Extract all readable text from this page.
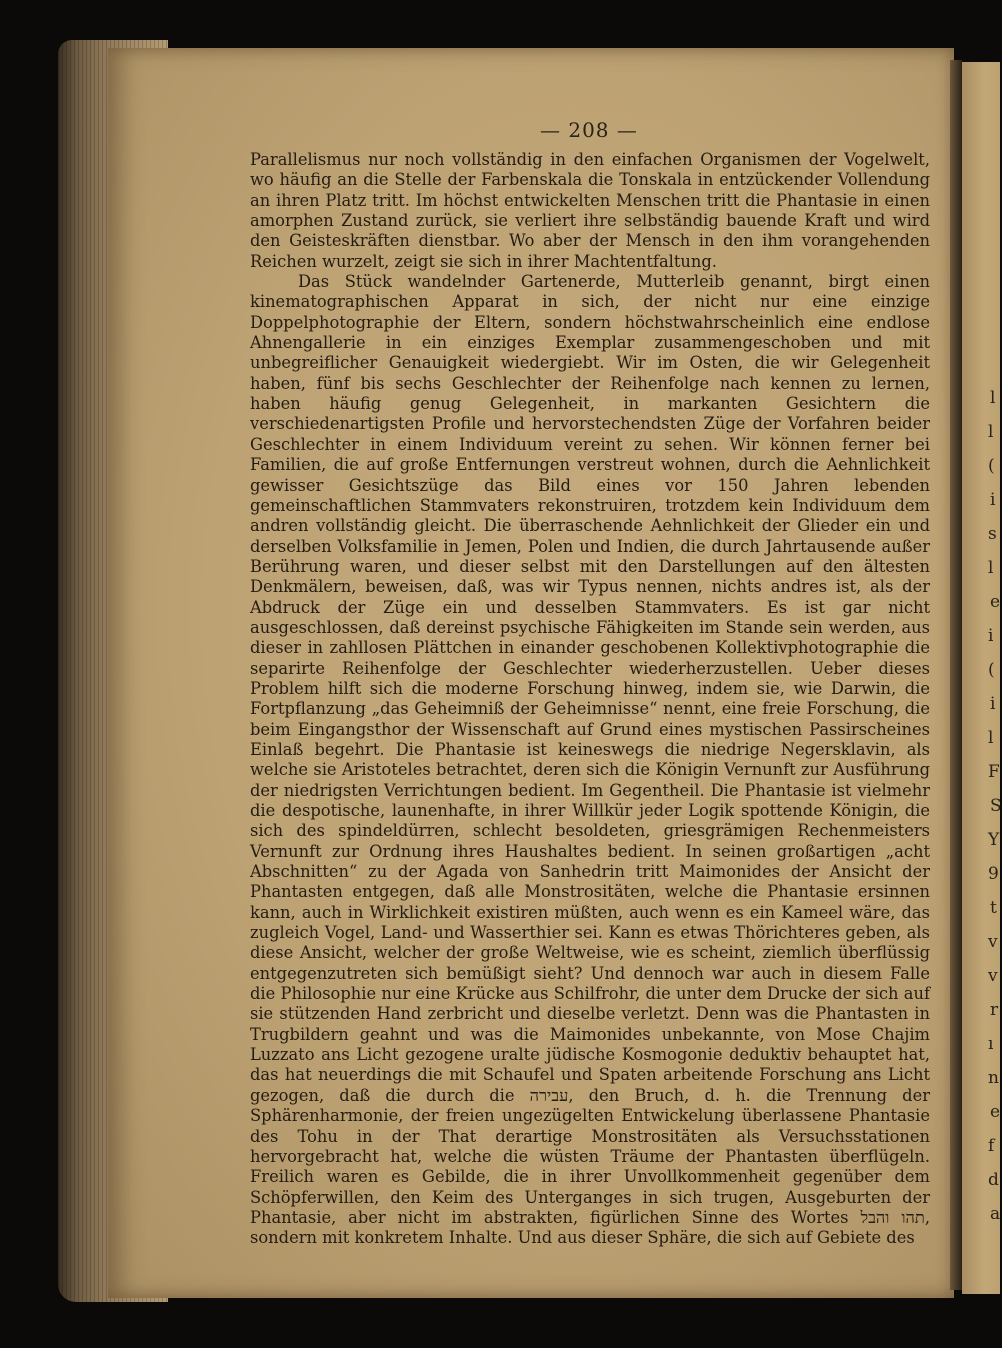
l
l
(
i
s
l
e
i
(
i
l
F
S
Y
9
t
v
v
r
ı
n
e
f
d
a
— 208 —

Parallelismus nur noch vollständig in den einfachen Organismen der Vogelwelt, wo häufig an die Stelle der Farbenskala die Tonskala in entzückender Vollendung an ihren Platz tritt. Im höchst entwickelten Menschen tritt die Phantasie in einen amorphen Zustand zurück, sie verliert ihre selbständig bauende Kraft und wird den Geisteskräften dienstbar. Wo aber der Mensch in den ihm vorangehenden Reichen wurzelt, zeigt sie sich in ihrer Machtentfaltung.

Das Stück wandelnder Gartenerde, Mutterleib genannt, birgt einen kinematographischen Apparat in sich, der nicht nur eine einzige Doppelphotographie der Eltern, sondern höchstwahrscheinlich eine endlose Ahnengallerie in ein einziges Exemplar zusammengeschoben und mit unbegreiflicher Genauigkeit wiedergiebt. Wir im Osten, die wir Gelegenheit haben, fünf bis sechs Geschlechter der Reihenfolge nach kennen zu lernen, haben häufig genug Gelegenheit, in markanten Gesichtern die verschiedenartigsten Profile und hervorstechendsten Züge der Vorfahren beider Geschlechter in einem Individuum vereint zu sehen. Wir können ferner bei Familien, die auf große Entfernungen verstreut wohnen, durch die Aehnlichkeit gewisser Gesichtszüge das Bild eines vor 150 Jahren lebenden gemeinschaftlichen Stammvaters rekonstruiren, trotzdem kein Individuum dem andren vollständig gleicht. Die überraschende Aehnlichkeit der Glieder ein und derselben Volksfamilie in Jemen, Polen und Indien, die durch Jahrtausende außer Berührung waren, und dieser selbst mit den Darstellungen auf den ältesten Denkmälern, beweisen, daß, was wir Typus nennen, nichts andres ist, als der Abdruck der Züge ein und desselben Stammvaters. Es ist gar nicht ausgeschlossen, daß dereinst psychische Fähigkeiten im Stande sein werden, aus dieser in zahllosen Plättchen in einander geschobenen Kollektivphotographie die separirte Reihenfolge der Geschlechter wiederherzustellen. Ueber dieses Problem hilft sich die moderne Forschung hinweg, indem sie, wie Darwin, die Fortpflanzung „das Geheimniß der Geheimnisse“ nennt, eine freie Forschung, die beim Eingangsthor der Wissenschaft auf Grund eines mystischen Passirscheines Einlaß begehrt. Die Phantasie ist keineswegs die niedrige Negersklavin, als welche sie Aristoteles betrachtet, deren sich die Königin Vernunft zur Ausführung der niedrigsten Verrichtungen bedient. Im Gegentheil. Die Phantasie ist vielmehr die despotische, launenhafte, in ihrer Willkür jeder Logik spottende Königin, die sich des spindeldürren, schlecht besoldeten, griesgrämigen Rechenmeisters Vernunft zur Ordnung ihres Haushaltes bedient. In seinen großartigen „acht Abschnitten“ zu der Agada von Sanhedrin tritt Maimonides der Ansicht der Phantasten entgegen, daß alle Monstrositäten, welche die Phantasie ersinnen kann, auch in Wirklichkeit existiren müßten, auch wenn es ein Kameel wäre, das zugleich Vogel, Land- und Wasserthier sei. Kann es etwas Thörichteres geben, als diese Ansicht, welcher der große Weltweise, wie es scheint, ziemlich überflüssig entgegenzutreten sich bemüßigt sieht? Und dennoch war auch in diesem Falle die Philosophie nur eine Krücke aus Schilfrohr, die unter dem Drucke der sich auf sie stützenden Hand zerbricht und dieselbe verletzt. Denn was die Phantasten in Trugbildern geahnt und was die Maimonides unbekannte, von Mose Chajim Luzzato ans Licht gezogene uralte jüdische Kosmogonie deduktiv behauptet hat, das hat neuerdings die mit Schaufel und Spaten arbeitende Forschung ans Licht gezogen, daß die durch die עבירה, den Bruch, d. h. die Trennung der Sphärenharmonie, der freien ungezügelten Entwickelung überlassene Phantasie des Tohu in der That derartige Monstrositäten als Versuchsstationen hervorgebracht hat, welche die wüsten Träume der Phantasten überflügeln. Freilich waren es Gebilde, die in ihrer Unvollkommenheit gegenüber dem Schöpferwillen, den Keim des Unterganges in sich trugen, Ausgeburten der Phantasie, aber nicht im abstrakten, figürlichen Sinne des Wortes תהו והבל, sondern mit konkretem Inhalte. Und aus dieser Sphäre, die sich auf Gebiete des
